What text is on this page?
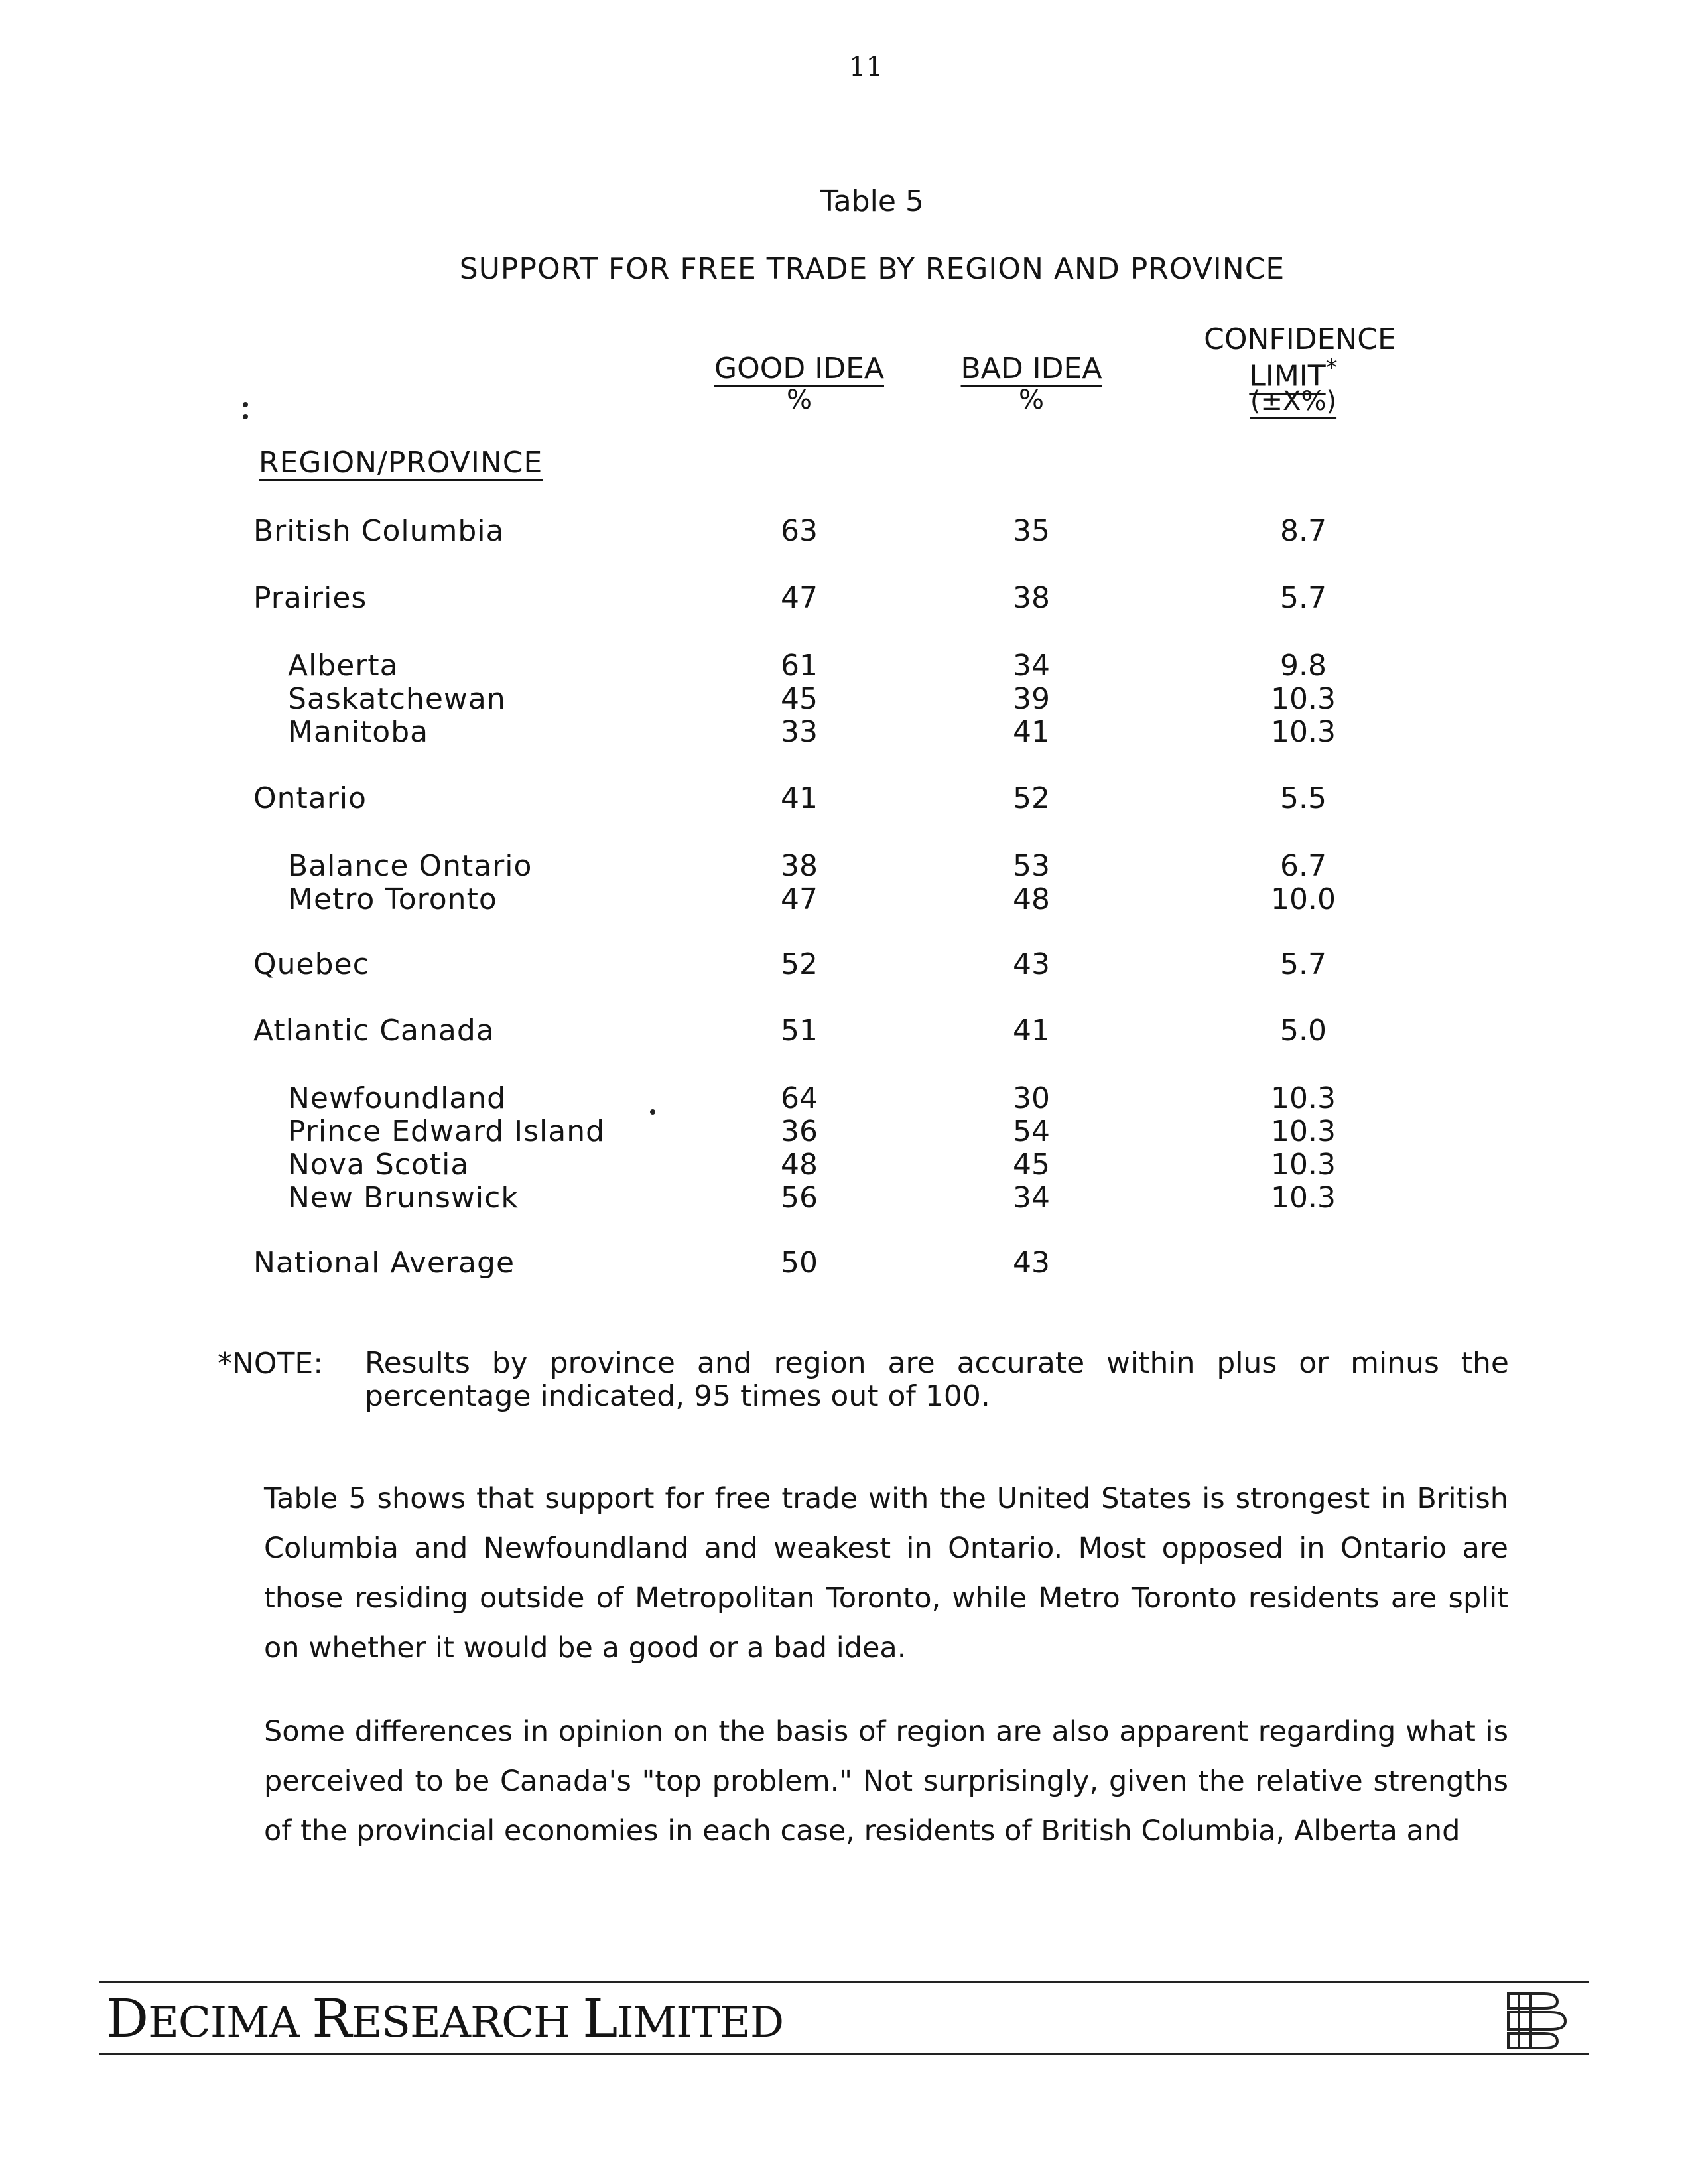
11
Table 5
SUPPORT FOR FREE TRADE BY REGION AND PROVINCE
GOOD IDEA
%
BAD IDEA
%
CONFIDENCE
LIMIT*
(±X%)
REGION/PROVINCE
British Columbia	63	35	8.7
Prairies	47	38	5.7
Alberta	61	34	9.8
Saskatchewan	45	39	10.3
Manitoba	33	41	10.3
Ontario	41	52	5.5
Balance Ontario	38	53	6.7
Metro Toronto	47	48	10.0
Quebec	52	43	5.7
Atlantic Canada	51	41	5.0
Newfoundland	64	30	10.3
Prince Edward Island	36	54	10.3
Nova Scotia	48	45	10.3
New Brunswick	56	34	10.3
National Average	50	43
*NOTE: Results by province and region are accurate within plus or minus the percentage indicated, 95 times out of 100.
Table 5 shows that support for free trade with the United States is strongest in British Columbia and Newfoundland and weakest in Ontario. Most opposed in Ontario are those residing outside of Metropolitan Toronto, while Metro Toronto residents are split on whether it would be a good or a bad idea.
Some differences in opinion on the basis of region are also apparent regarding what is perceived to be Canada's "top problem." Not surprisingly, given the relative strengths of the provincial economies in each case, residents of British Columbia, Alberta and
DECIMA RESEARCH LIMITED
